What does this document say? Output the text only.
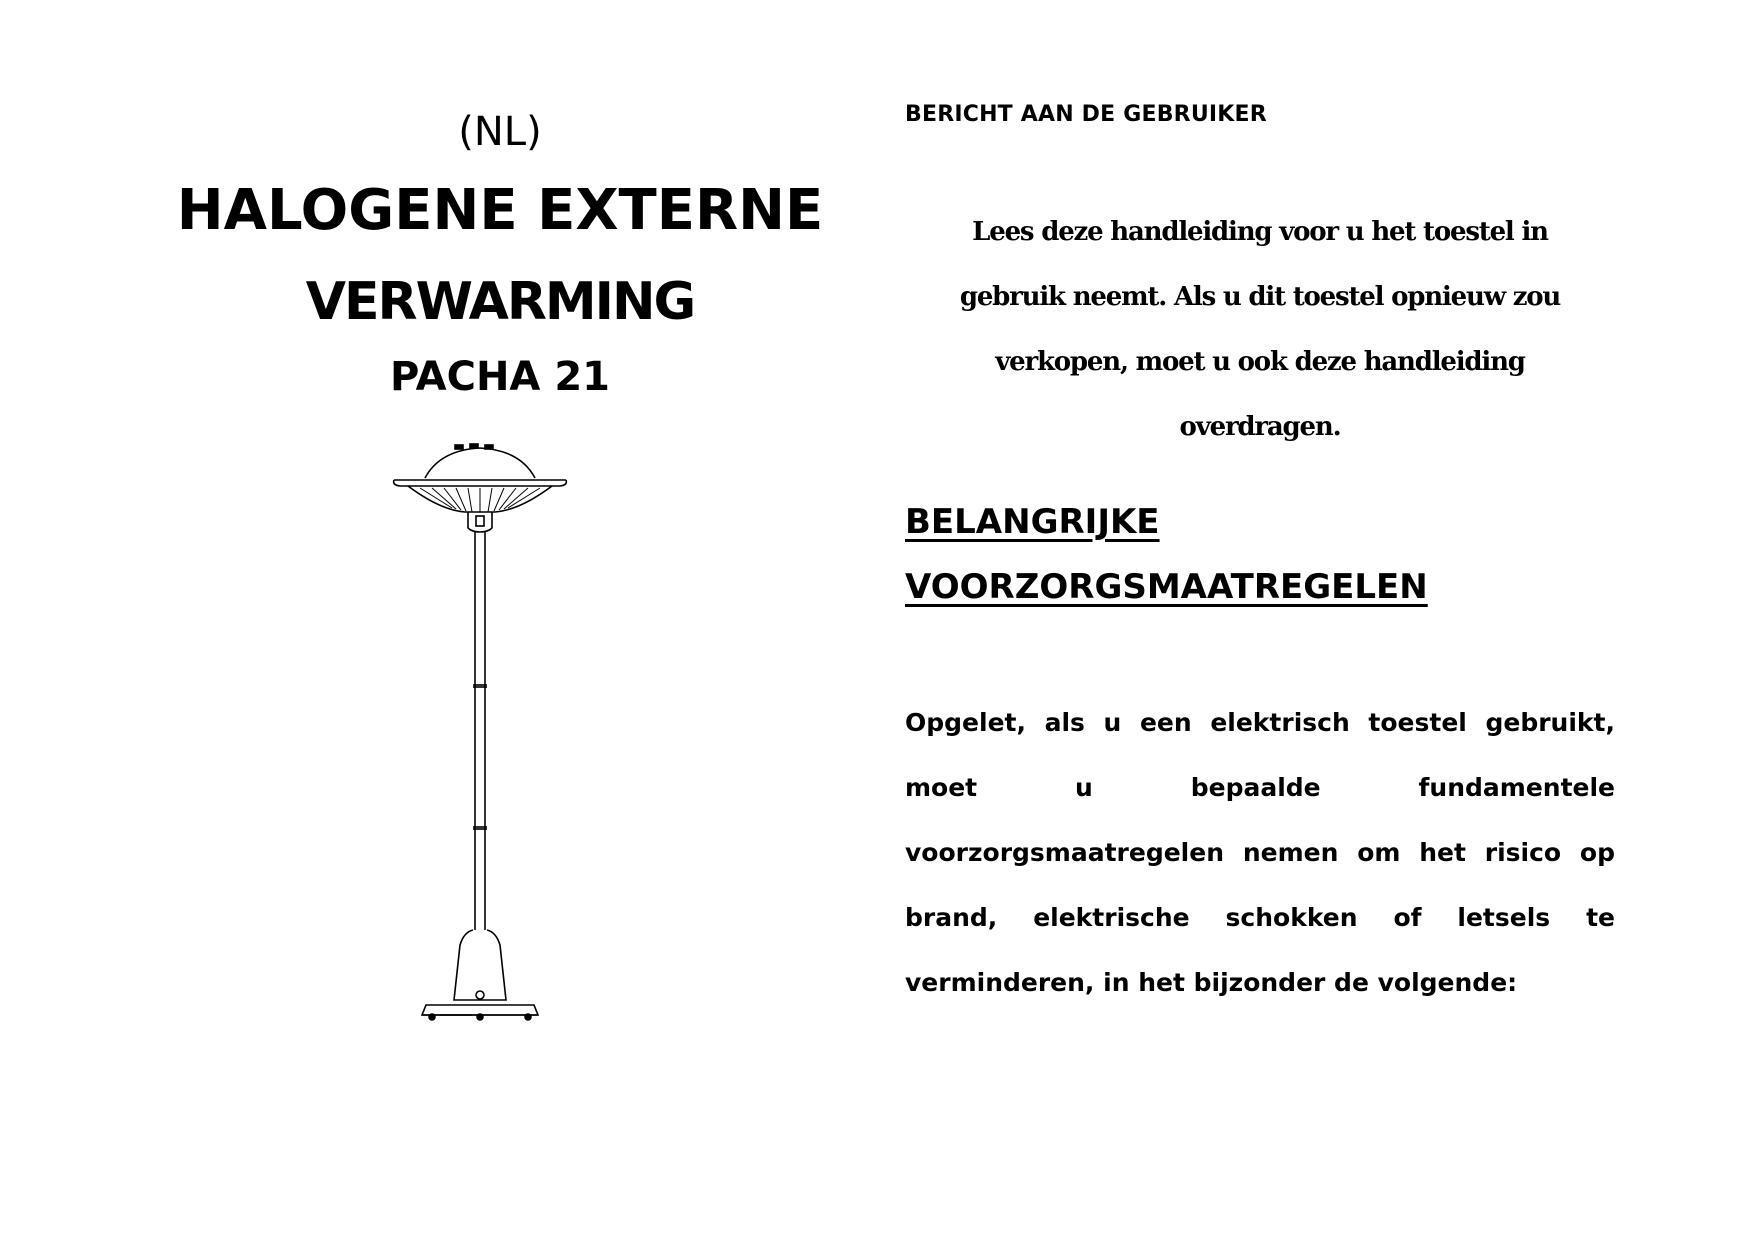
(NL)
HALOGENE EXTERNE
VERWARMING
PACHA 21
BERICHT AAN DE GEBRUIKER
Lees deze handleiding voor u het toestel in gebruik neemt. Als u dit toestel opnieuw zou verkopen, moet u ook deze handleiding overdragen.
BELANGRIJKE
VOORZORGSMAATREGELEN
Opgelet, als u een elektrisch toestel gebruikt, moet u bepaalde fundamentele voorzorgsmaatregelen nemen om het risico op brand, elektrische schokken of letsels te verminderen, in het bijzonder de volgende:
